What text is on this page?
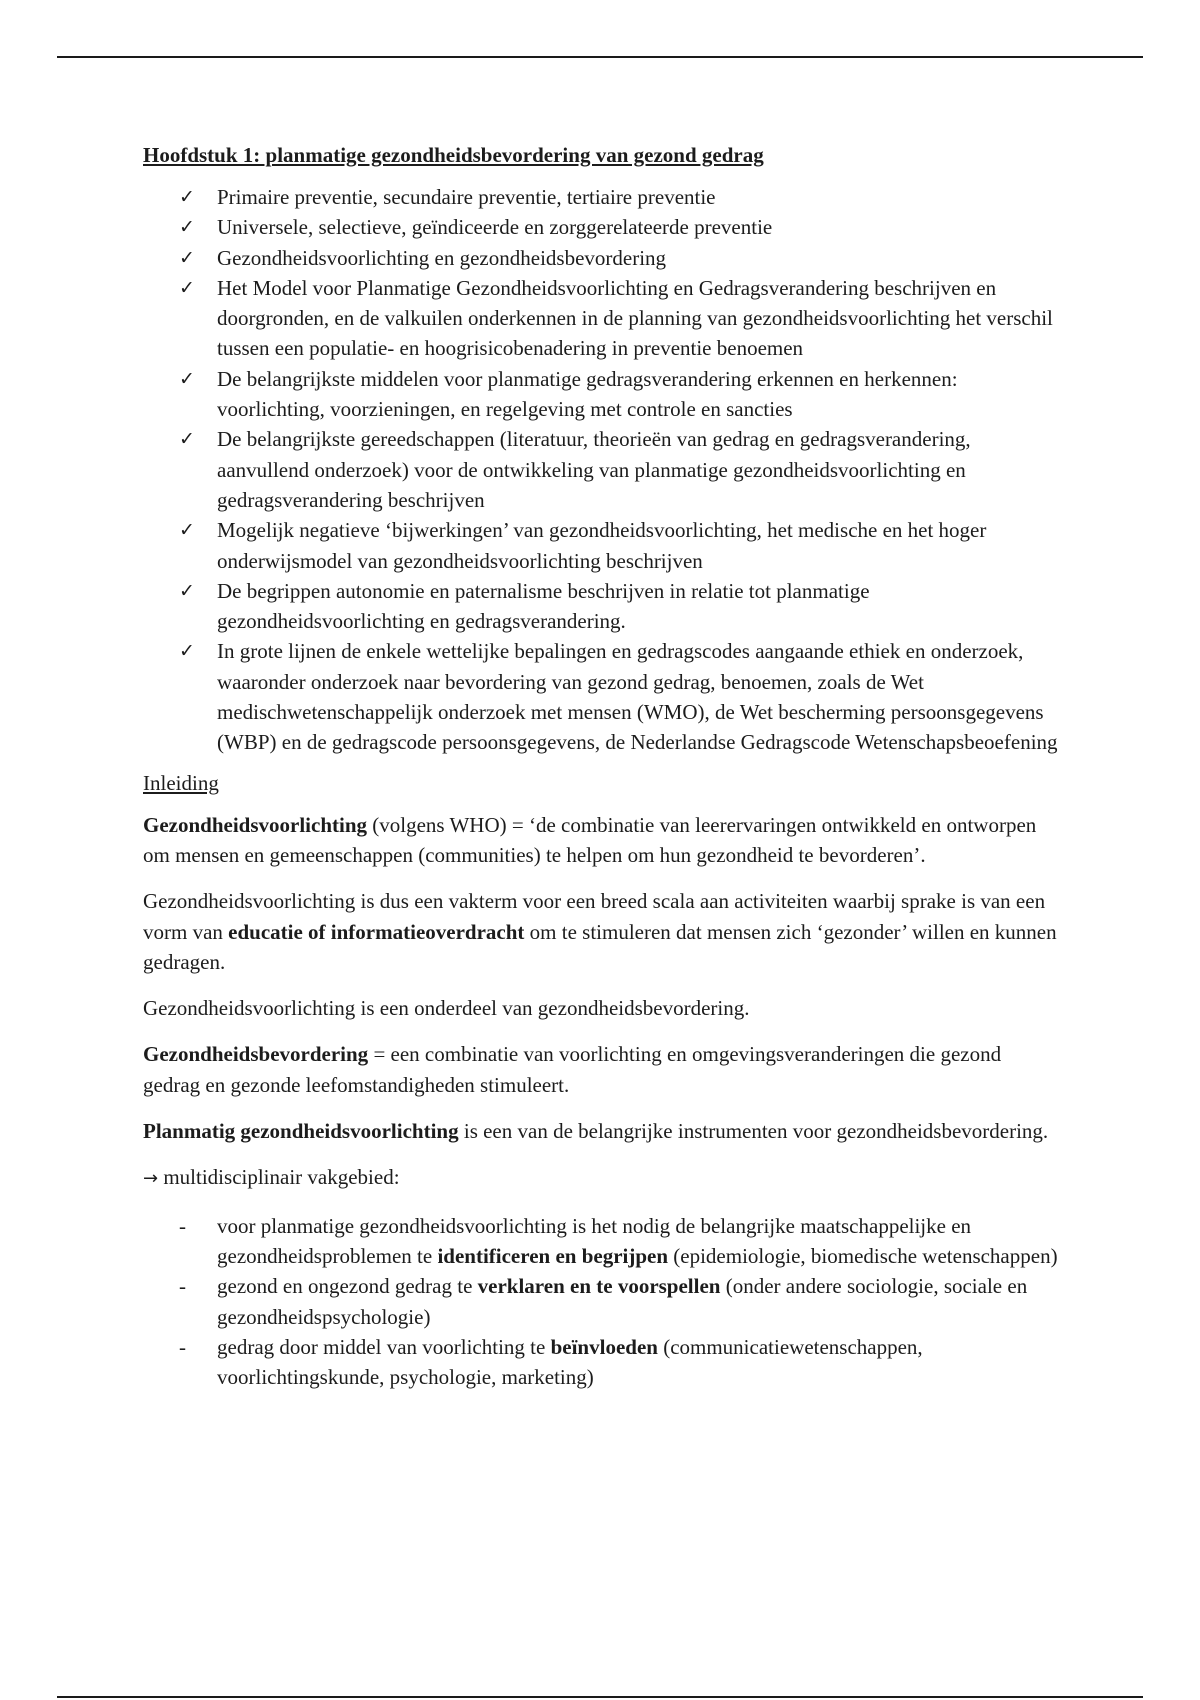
Hoofdstuk 1: planmatige gezondheidsbevordering van gezond gedrag
✓ Primaire preventie, secundaire preventie, tertiaire preventie
✓ Universele, selectieve, geïndiceerde en zorggerelateerde preventie
✓ Gezondheidsvoorlichting en gezondheidsbevordering
✓ Het Model voor Planmatige Gezondheidsvoorlichting en Gedragsverandering beschrijven en doorgronden, en de valkuilen onderkennen in de planning van gezondheidsvoorlichting het verschil tussen een populatie- en hoogrisicobenadering in preventie benoemen
✓ De belangrijkste middelen voor planmatige gedragsverandering erkennen en herkennen: voorlichting, voorzieningen, en regelgeving met controle en sancties
✓ De belangrijkste gereedschappen (literatuur, theorieën van gedrag en gedragsverandering, aanvullend onderzoek) voor de ontwikkeling van planmatige gezondheidsvoorlichting en gedragsverandering beschrijven
✓ Mogelijk negatieve ‘bijwerkingen’ van gezondheidsvoorlichting, het medische en het hoger onderwijsmodel van gezondheidsvoorlichting beschrijven
✓ De begrippen autonomie en paternalisme beschrijven in relatie tot planmatige gezondheidsvoorlichting en gedragsverandering.
✓ In grote lijnen de enkele wettelijke bepalingen en gedragscodes aangaande ethiek en onderzoek, waaronder onderzoek naar bevordering van gezond gedrag, benoemen, zoals de Wet medischwetenschappelijk onderzoek met mensen (WMO), de Wet bescherming persoonsgegevens (WBP) en de gedragscode persoonsgegevens, de Nederlandse Gedragscode Wetenschapsbeoefening
Inleiding

Gezondheidsvoorlichting (volgens WHO) = ‘de combinatie van leerervaringen ontwikkeld en ontworpen om mensen en gemeenschappen (communities) te helpen om hun gezondheid te bevorderen’.

Gezondheidsvoorlichting is dus een vakterm voor een breed scala aan activiteiten waarbij sprake is van een vorm van educatie of informatieoverdracht om te stimuleren dat mensen zich ‘gezonder’ willen en kunnen gedragen.

Gezondheidsvoorlichting is een onderdeel van gezondheidsbevordering.

Gezondheidsbevordering = een combinatie van voorlichting en omgevingsveranderingen die gezond gedrag en gezonde leefomstandigheden stimuleert.

Planmatig gezondheidsvoorlichting is een van de belangrijke instrumenten voor gezondheidsbevordering.

→ multidisciplinair vakgebied:

- voor planmatige gezondheidsvoorlichting is het nodig de belangrijke maatschappelijke en gezondheidsproblemen te identificeren en begrijpen (epidemiologie, biomedische wetenschappen)
- gezond en ongezond gedrag te verklaren en te voorspellen (onder andere sociologie, sociale en gezondheidspsychologie)
- gedrag door middel van voorlichting te beïnvloeden (communicatiewetenschappen, voorlichtingskunde, psychologie, marketing)
